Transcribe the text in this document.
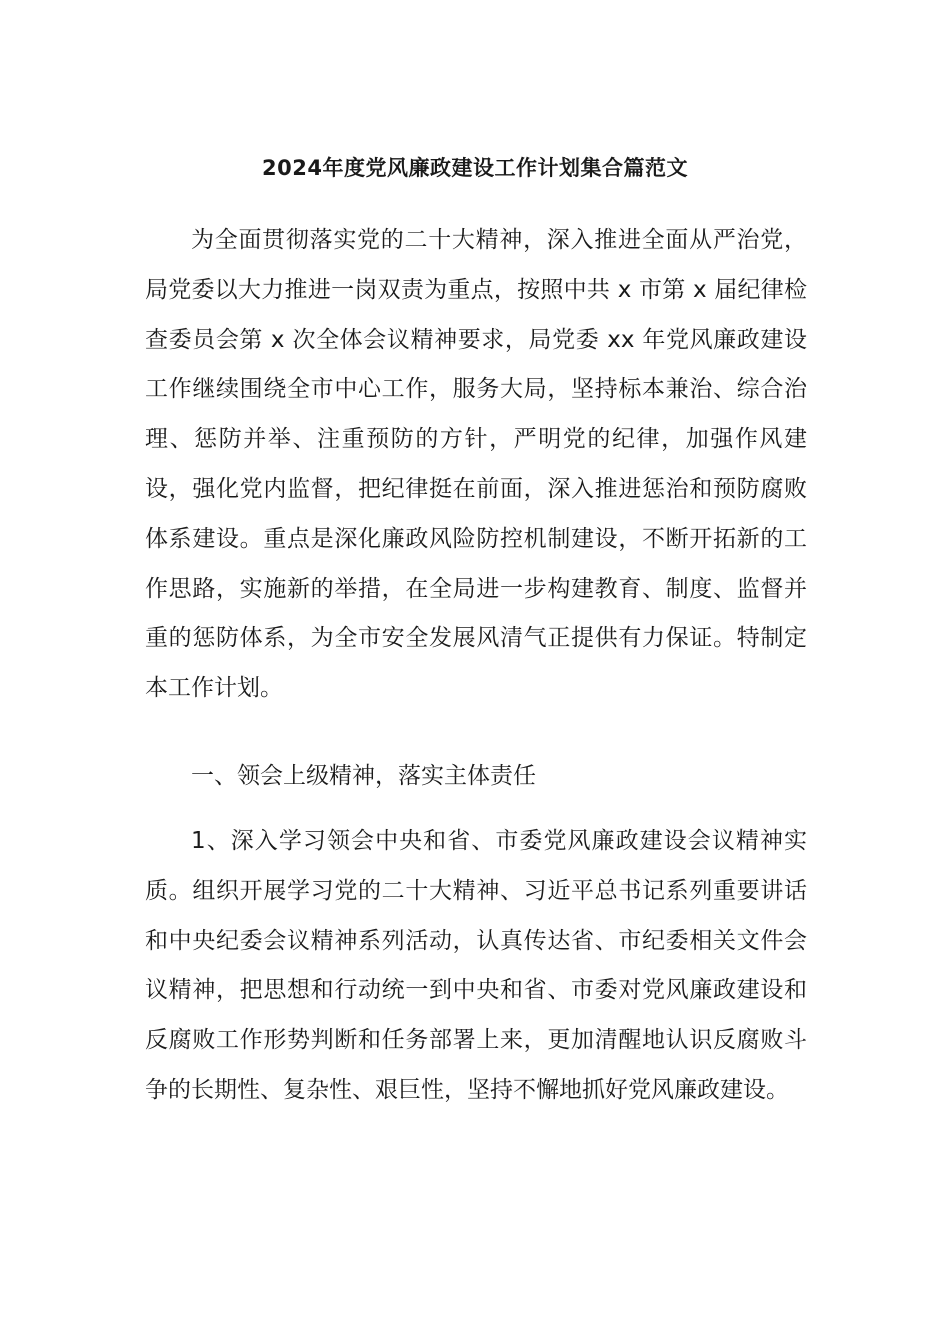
2024年度党风廉政建设工作计划集合篇范文

为全面贯彻落实党的二十大精神，深入推进全面从严治党，局党委以大力推进一岗双责为重点，按照中共 x 市第 x 届纪律检查委员会第 x 次全体会议精神要求，局党委 xx 年党风廉政建设工作继续围绕全市中心工作，服务大局，坚持标本兼治、综合治理、惩防并举、注重预防的方针，严明党的纪律，加强作风建设，强化党内监督，把纪律挺在前面，深入推进惩治和预防腐败体系建设。重点是深化廉政风险防控机制建设，不断开拓新的工作思路，实施新的举措，在全局进一步构建教育、制度、监督并重的惩防体系，为全市安全发展风清气正提供有力保证。特制定本工作计划。

一、领会上级精神，落实主体责任

1、深入学习领会中央和省、市委党风廉政建设会议精神实质。组织开展学习党的二十大精神、习近平总书记系列重要讲话和中央纪委会议精神系列活动，认真传达省、市纪委相关文件会议精神，把思想和行动统一到中央和省、市委对党风廉政建设和反腐败工作形势判断和任务部署上来，更加清醒地认识反腐败斗争的长期性、复杂性、艰巨性，坚持不懈地抓好党风廉政建设。
